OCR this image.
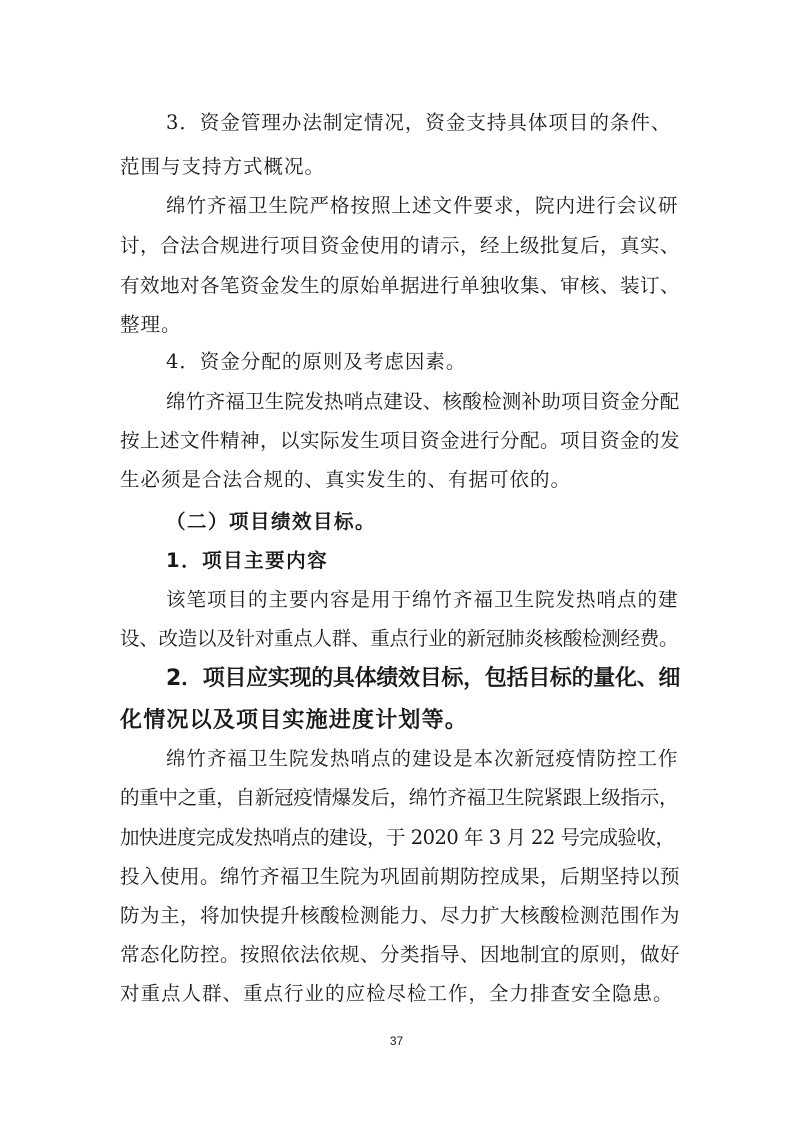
3．资金管理办法制定情况，资金支持具体项目的条件、

范围与支持方式概况。

绵竹齐福卫生院严格按照上述文件要求，院内进行会议研

讨，合法合规进行项目资金使用的请示，经上级批复后，真实、

有效地对各笔资金发生的原始单据进行单独收集、审核、装订、

整理。

4．资金分配的原则及考虑因素。

绵竹齐福卫生院发热哨点建设、核酸检测补助项目资金分配

按上述文件精神，以实际发生项目资金进行分配。项目资金的发

生必须是合法合规的、真实发生的、有据可依的。

（二）项目绩效目标。

1．项目主要内容

该笔项目的主要内容是用于绵竹齐福卫生院发热哨点的建

设、改造以及针对重点人群、重点行业的新冠肺炎核酸检测经费。

2．项目应实现的具体绩效目标，包括目标的量化、细

化情况以及项目实施进度计划等。

绵竹齐福卫生院发热哨点的建设是本次新冠疫情防控工作

的重中之重，自新冠疫情爆发后，绵竹齐福卫生院紧跟上级指示，

加快进度完成发热哨点的建设，于 2020 年 3 月 22 号完成验收，

投入使用。绵竹齐福卫生院为巩固前期防控成果，后期坚持以预

防为主，将加快提升核酸检测能力、尽力扩大核酸检测范围作为

常态化防控。按照依法依规、分类指导、因地制宜的原则，做好

对重点人群、重点行业的应检尽检工作，全力排查安全隐患。

37
